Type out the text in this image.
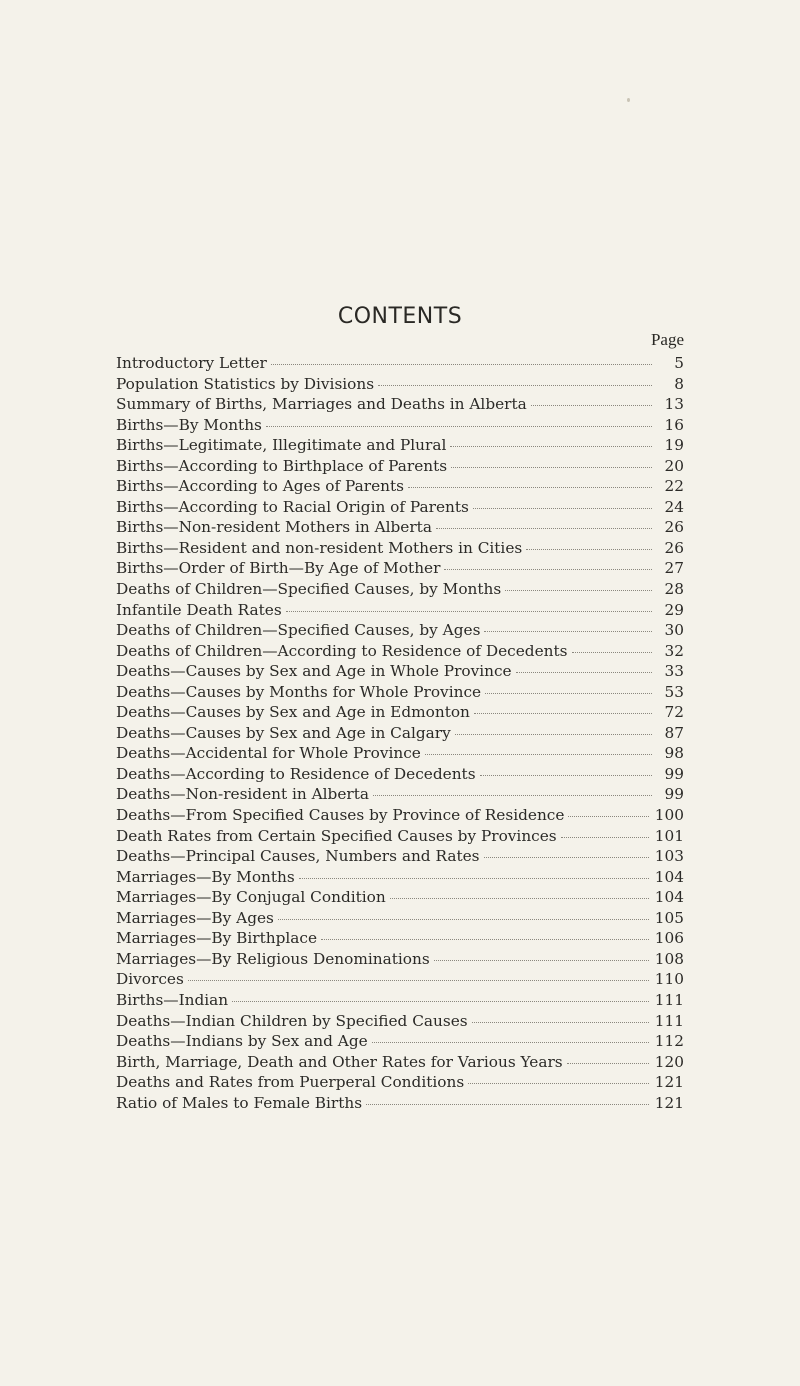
CONTENTS
Page
Introductory Letter	5
Population Statistics by Divisions	8
Summary of Births, Marriages and Deaths in Alberta	13
Births—By Months	16
Births—Legitimate, Illegitimate and Plural	19
Births—According to Birthplace of Parents	20
Births—According to Ages of Parents	22
Births—According to Racial Origin of Parents	24
Births—Non-resident Mothers in Alberta	26
Births—Resident and non-resident Mothers in Cities	26
Births—Order of Birth—By Age of Mother	27
Deaths of Children—Specified Causes, by Months	28
Infantile Death Rates	29
Deaths of Children—Specified Causes, by Ages	30
Deaths of Children—According to Residence of Decedents	32
Deaths—Causes by Sex and Age in Whole Province	33
Deaths—Causes by Months for Whole Province	53
Deaths—Causes by Sex and Age in Edmonton	72
Deaths—Causes by Sex and Age in Calgary	87
Deaths—Accidental for Whole Province	98
Deaths—According to Residence of Decedents	99
Deaths—Non-resident in Alberta	99
Deaths—From Specified Causes by Province of Residence	100
Death Rates from Certain Specified Causes by Provinces	101
Deaths—Principal Causes, Numbers and Rates	103
Marriages—By Months	104
Marriages—By Conjugal Condition	104
Marriages—By Ages	105
Marriages—By Birthplace	106
Marriages—By Religious Denominations	108
Divorces	110
Births—Indian	111
Deaths—Indian Children by Specified Causes	111
Deaths—Indians by Sex and Age	112
Birth, Marriage, Death and Other Rates for Various Years	120
Deaths and Rates from Puerperal Conditions	121
Ratio of Males to Female Births	121
